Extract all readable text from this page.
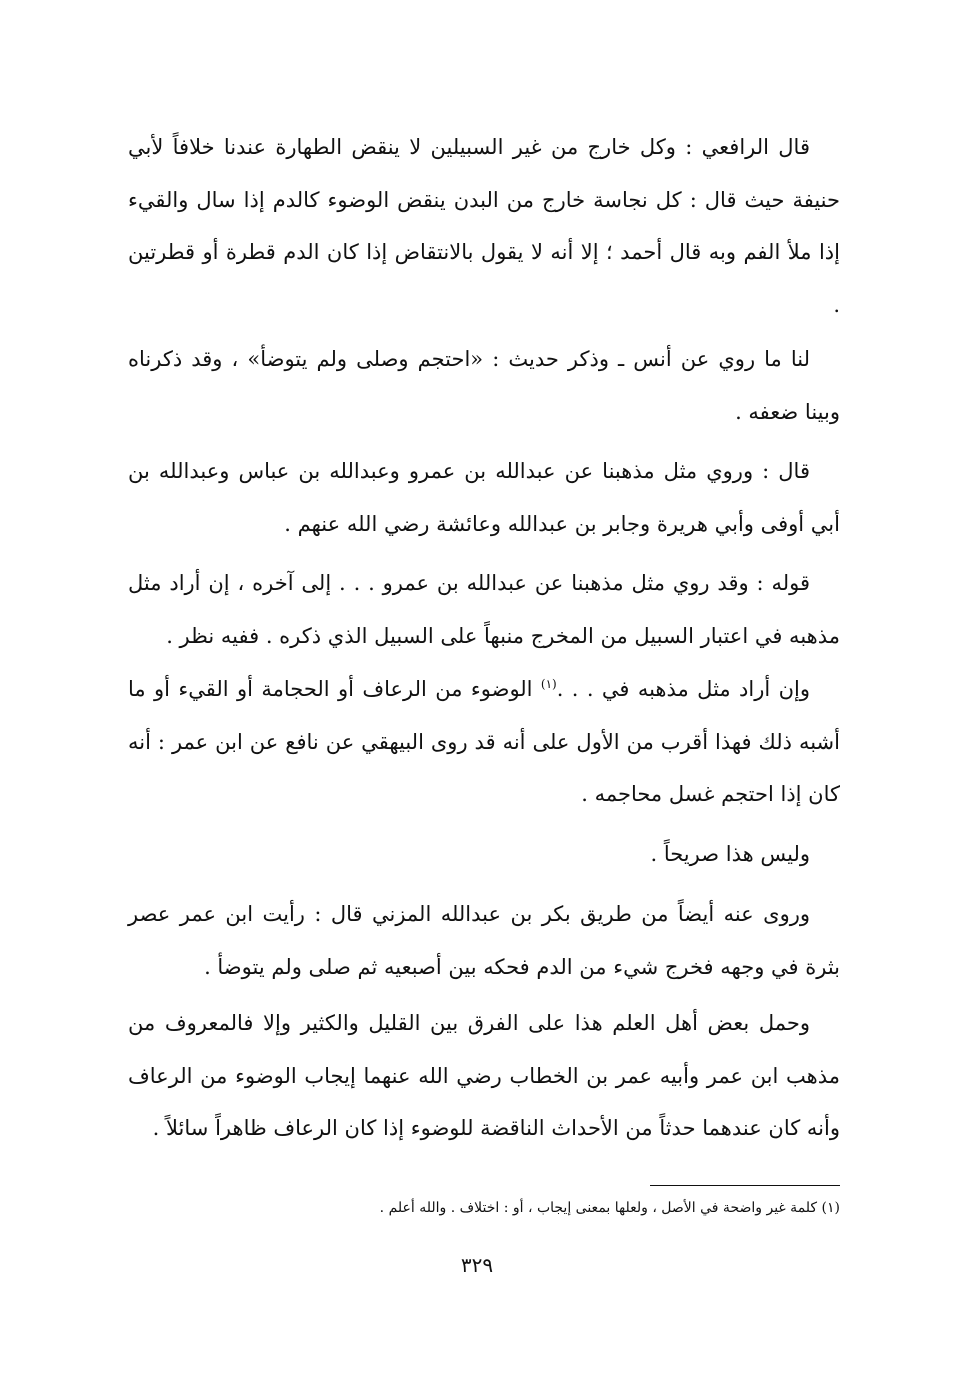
قال الرافعي : وكل خارج من غير السبيلين لا ينقض الطهارة عندنا خلافاً لأبي حنيفة حيث قال : كل نجاسة خارج من البدن ينقض الوضوء كالدم إذا سال والقيء إذا ملأ الفم وبه قال أحمد ؛ إلا أنه لا يقول بالانتقاض إذا كان الدم قطرة أو قطرتين .

لنا ما روي عن أنس ـ وذكر حديث : «احتجم وصلى ولم يتوضأ» ، وقد ذكرناه وبينا ضعفه .

قال : وروي مثل مذهبنا عن عبدالله بن عمرو وعبدالله بن عباس وعبدالله بن أبي أوفى وأبي هريرة وجابر بن عبدالله وعائشة رضي الله عنهم .

قوله : وقد روي مثل مذهبنا عن عبدالله بن عمرو . . . إلى آخره ، إن أراد مثل مذهبه في اعتبار السبيل من المخرج منبهاً على السبيل الذي ذكره . ففيه نظر .

وإن أراد مثل مذهبه في . . .$^{(١)}$ الوضوء من الرعاف أو الحجامة أو القيء أو ما أشبه ذلك فهذا أقرب من الأول على أنه قد روى البيهقي عن نافع عن ابن عمر : أنه كان إذا احتجم غسل محاجمه .

وليس هذا صريحاً .

وروى عنه أيضاً من طريق بكر بن عبدالله المزني قال : رأيت ابن عمر عصر بثرة في وجهه فخرج شيء من الدم فحكه بين أصبعيه ثم صلى ولم يتوضأ .

وحمل بعض أهل العلم هذا على الفرق بين القليل والكثير وإلا فالمعروف من مذهب ابن عمر وأبيه عمر بن الخطاب رضي الله عنهما إيجاب الوضوء من الرعاف وأنه كان عندهما حدثاً من الأحداث الناقضة للوضوء إذا كان الرعاف ظاهراً سائلاً .

(١) كلمة غير واضحة في الأصل ، ولعلها بمعنى إيجاب ، أو : اختلاف . والله أعلم .
٣٢٩
